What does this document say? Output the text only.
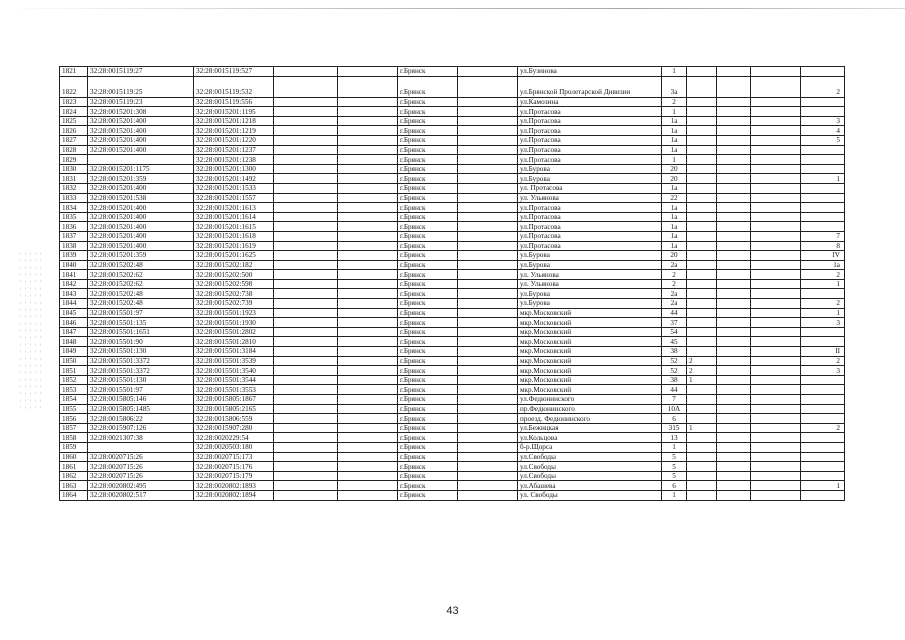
1821	32:28:0015119:27	32:28:0015119:527			г.Брянск		ул.Бузинова	1				
1822	32:28:0015119:25	32:28:0015119:532			г.Брянск		ул.Брянской Пролетарской Дивизии	3а				2
1823	32:28:0015119:23	32:28:0015119:556			г.Брянск		ул.Камозина	2				
1824	32:28:0015201:308	32:28:0015201:1195			г.Брянск		ул.Протасова	1				
1825	32:28:0015201:400	32:28:0015201:1218			г.Брянск		ул.Протасова	1а				3
1826	32:28:0015201:400	32:28:0015201:1219			г.Брянск		ул.Протасова	1а				4
1827	32:28:0015201:400	32:28:0015201:1220			г.Брянск		ул.Протасова	1а				5
1828	32:28:0015201:400	32:28:0015201:1237			г.Брянск		ул.Протасова	1а				
1829		32:28:0015201:1238			г.Брянск		ул.Протасова	1				
1830	32:28:0015201:1175	32:28:0015201:1300			г.Брянск		ул.Бурова	20				
1831	32:28:0015201:359	32:28:0015201:1492			г.Брянск		ул.Бурова	20				1
1832	32:28:0015201:400	32:28:0015201:1533			г.Брянск		ул. Протасова	1а				
1833	32:28:0015201:538	32:28:0015201:1557			г.Брянск		ул. Ульянова	22				
1834	32:28:0015201:400	32:28:0015201:1613			г.Брянск		ул.Протасова	1а				
1835	32:28:0015201:400	32:28:0015201:1614			г.Брянск		ул.Протасова	1а				
1836	32:28:0015201:400	32:28:0015201:1615			г.Брянск		ул.Протасова	1а				
1837	32:28:0015201:400	32:28:0015201:1618			г.Брянск		ул.Протасова	1а				7
1838	32:28:0015201:400	32:28:0015201:1619			г.Брянск		ул.Протасова	1а				8
1839	32:28:0015201:359	32:28:0015201:1625			г.Брянск		ул.Бурова	20				IV
1840	32:28:0015202:48	32:28:0015202:182			г.Брянск		ул.Бурова	2а				1а
1841	32:28:0015202:62	32:28:0015202:500			г.Брянск		ул. Ульянова	2				2
1842	32:28:0015202:62	32:28:0015202:598			г.Брянск		ул. Ульянова	2				1
1843	32:28:0015202:48	32:28:0015202:738			г.Брянск		ул.Бурова	2а				
1844	32:28:0015202:48	32:28:0015202:739			г.Брянск		ул.Бурова	2а				2
1845	32:28:0015501:97	32:28:0015501:1923			г.Брянск		мкр.Московский	44				1
1846	32:28:0015501:135	32:28:0015501:1930			г.Брянск		мкр.Московский	37				3
1847	32:28:0015501:1651	32:28:0015501:2802			г.Брянск		мкр.Московский	54				
1848	32:28:0015501:90	32:28:0015501:2810			г.Брянск		мкр.Московский	45				
1849	32:28:0015501:130	32:28:0015501:3184			г.Брянск		мкр.Московский	38				II
1850	32:28:0015501:3372	32:28:0015501:3539			г.Брянск		мкр.Московский	52	2			2
1851	32:28:0015501:3372	32:28:0015501:3540			г.Брянск		мкр.Московский	52	2			3
1852	32:28:0015501:130	32:28:0015501:3544			г.Брянск		мкр.Московский	38	1			
1853	32:28:0015501:97	32:28:0015501:3553			г.Брянск		мкр.Московский	44				
1854	32:28:0015805:146	32:28:0015805:1867			г.Брянск		ул.Федюнинского	7				
1855	32:28:0015805:1485	32:28:0015805:2165			г.Брянск		пр.Федюнинского	10А				
1856	32:28:0015806:22	32:28:0015806:559			г.Брянск		проезд. Федюнинского	6				
1857	32:28:0015907:126	32:28:0015907:280			г.Брянск		ул.Бежицкая	315	1			2
1858	32:28:0021307:38	32:28:0020229:54			г.Брянск		ул.Кольцова	13				
1859		32:28:0020503:180			г.Брянск		б-р.Щорса	1				
1860	32:28:0020715:26	32:28:0020715:173			г.Брянск		ул.Свободы	5				
1861	32:28:0020715:26	32:28:0020715:176			г.Брянск		ул.Свободы	5				
1862	32:28:0020715:26	32:28:0020715:179			г.Брянск		ул.Свободы	5				
1863	32:28:0020802:495	32:28:0020802:1893			г.Брянск		ул.Абашева	6				1
1864	32:28:0020802:517	32:28:0020802:1894			г.Брянск		ул. Свободы	1				
43
